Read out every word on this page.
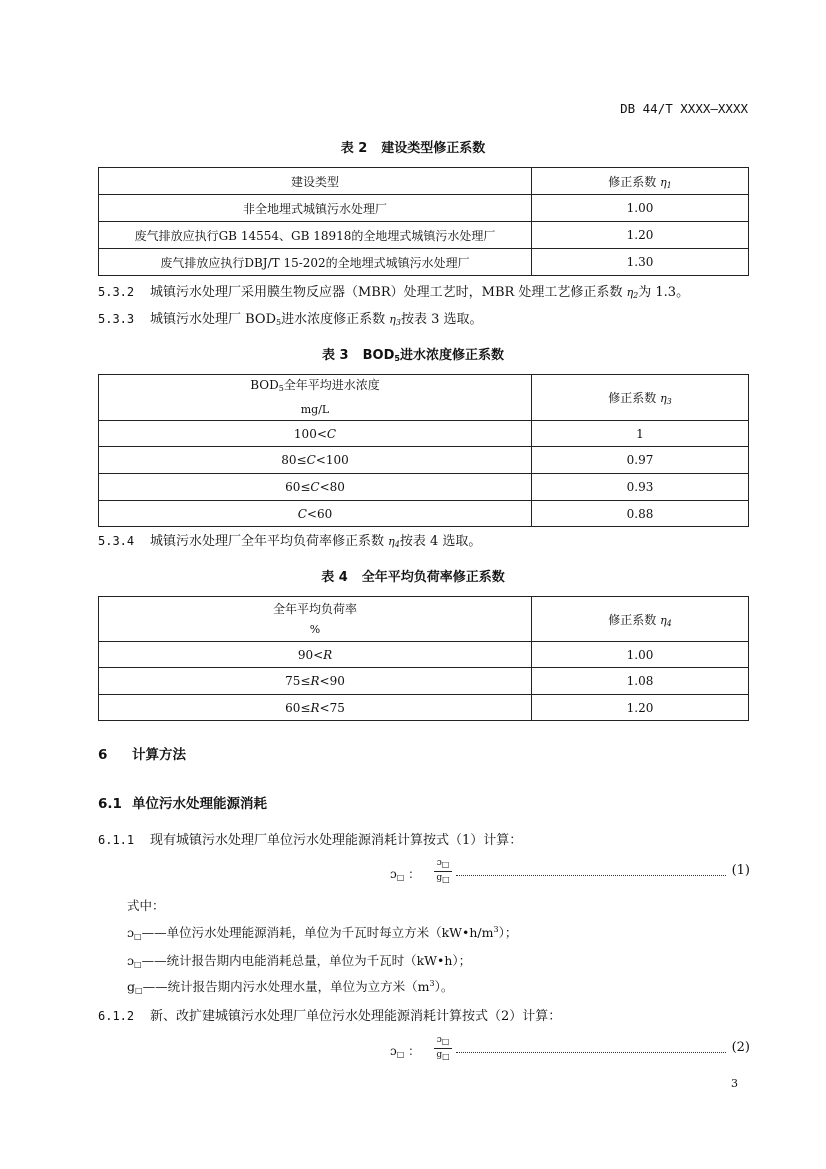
DB 44/T XXXX—XXXX
表 2 建设类型修正系数
建设类型	修正系数 $\eta_1$
非全地埋式城镇污水处理厂	1.00
废气排放应执行GB 14554、GB 18918的全地埋式城镇污水处理厂	1.20
废气排放应执行DBJ/T 15-202的全地埋式城镇污水处理厂	1.30
5.3.2 城镇污水处理厂采用膜生物反应器（MBR）处理工艺时，MBR 处理工艺修正系数 $\eta_2$为 1.3。
5.3.3 城镇污水处理厂 $BOD_5$进水浓度修正系数 $\eta_3$按表 3 选取。
表 3 $BOD_5$进水浓度修正系数
$BOD_5$全年平均进水浓度
mg/L	修正系数 $\eta_3$
100<C	1
80≤C<100	0.97
60≤C<80	0.93
C<60	0.88
5.3.4 城镇污水处理厂全年平均负荷率修正系数 $\eta_4$按表 4 选取。
表 4 全年平均负荷率修正系数
全年平均负荷率
%	修正系数 $\eta_4$
90<R	1.00
75≤R<90	1.08
60≤R<75	1.20
6 计算方法
6.1 单位污水处理能源消耗
6.1.1 现有城镇污水处理厂单位污水处理能源消耗计算按式（1）计算：
ɔ$_□$ ：
ɔ□
ց□
(1)
式中：
ɔ$_□$——单位污水处理能源消耗，单位为千瓦时每立方米$(kW•h/m^3)$；
ɔ$_□$——统计报告期内电能消耗总量，单位为千瓦时（kW•h）；
ց$_□$——统计报告期内污水处理水量，单位为立方米$(m^3)$。
6.1.2 新、改扩建城镇污水处理厂单位污水处理能源消耗计算按式（2）计算：
ɔ$_□$ ：
ɔ□
ց□
(2)
3
